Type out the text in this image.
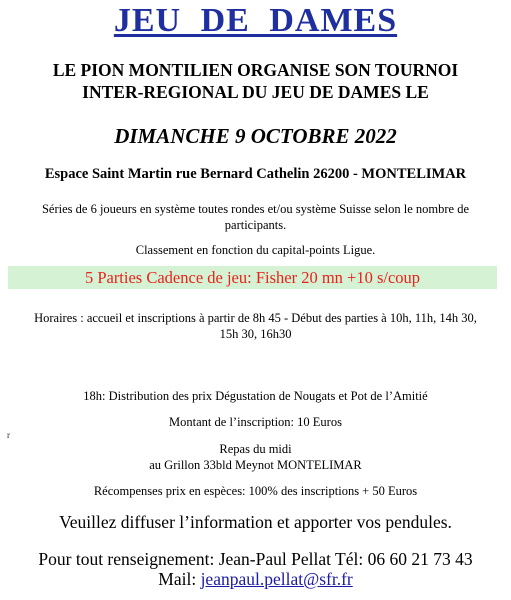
JEU DE DAMES
LE PION MONTILIEN ORGANISE SON TOURNOI
INTER-REGIONAL DU JEU DE DAMES LE
DIMANCHE 9 OCTOBRE 2022
Espace Saint Martin rue Bernard Cathelin 26200 - MONTELIMAR
Séries de 6 joueurs en système toutes rondes et/ou système Suisse selon le nombre de
participants.
Classement en fonction du capital-points Ligue.
5 Parties Cadence de jeu: Fisher 20 mn +10 s/coup
Horaires : accueil et inscriptions à partir de 8h 45 - Début des parties à 10h, 11h, 14h 30,
15h 30, 16h30
18h: Distribution des prix Dégustation de Nougats et Pot de l’Amitié
Montant de l’inscription: 10 Euros
r
Repas du midi
au Grillon 33bld Meynot MONTELIMAR
Récompenses prix en espèces: 100% des inscriptions + 50 Euros
Veuillez diffuser l’information et apporter vos pendules.
Pour tout renseignement: Jean-Paul Pellat Tél: 06 60 21 73 43
Mail: jeanpaul.pellat@sfr.fr
